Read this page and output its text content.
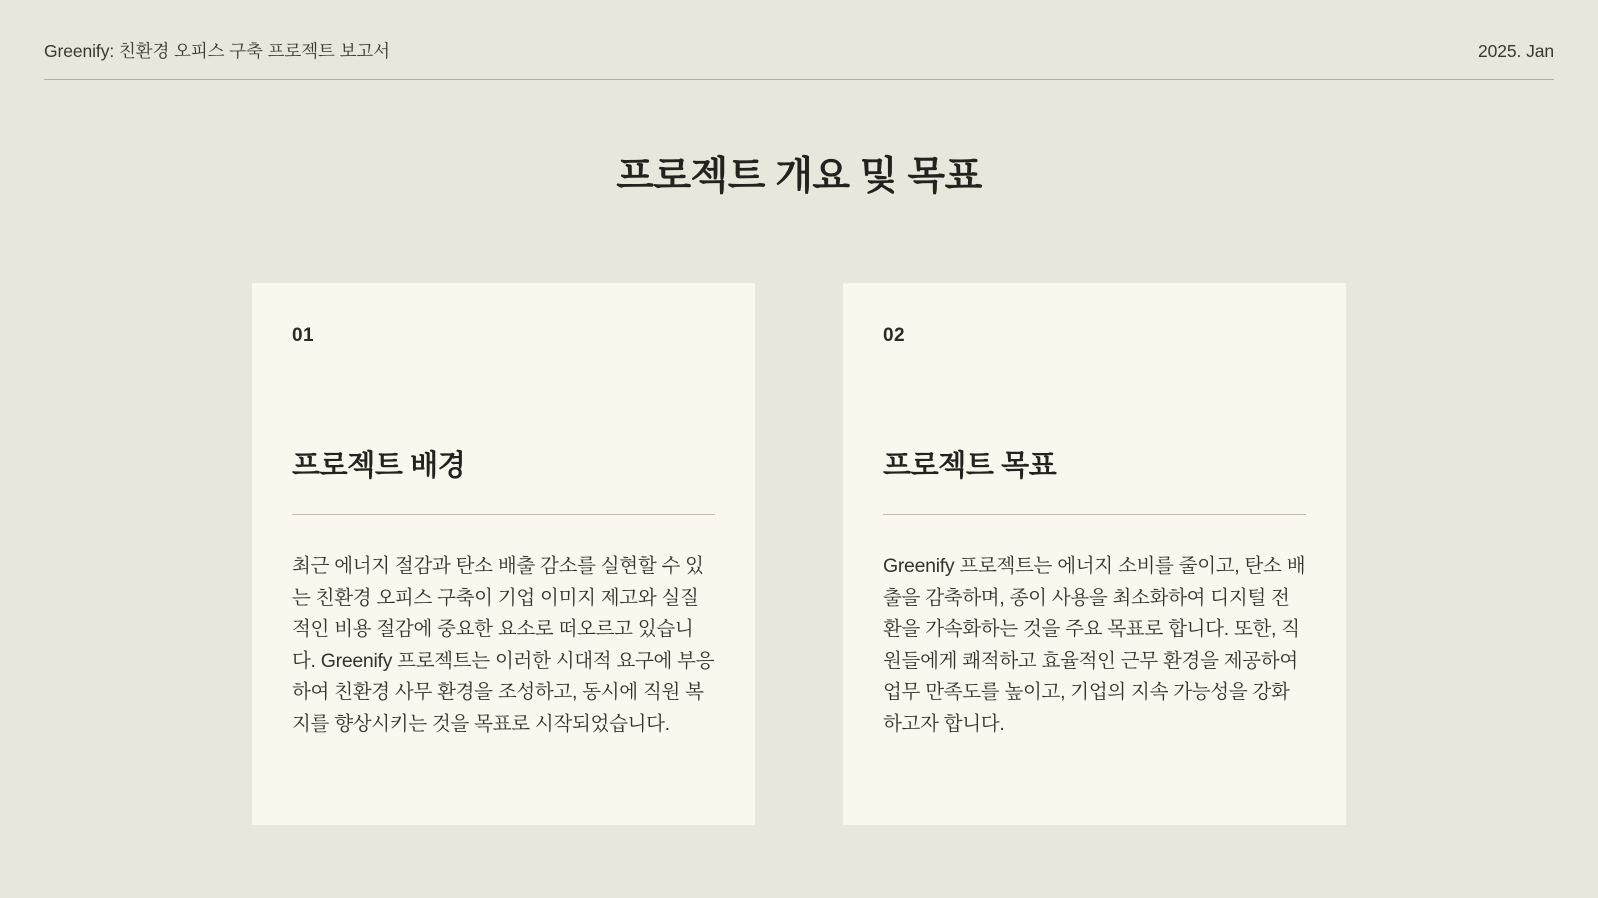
Greenify: 친환경 오피스 구축 프로젝트 보고서	2025. Jan
프로젝트 개요 및 목표
01
프로젝트 배경
최근 에너지 절감과 탄소 배출 감소를 실현할 수 있는 친환경 오피스 구축이 기업 이미지 제고와 실질적인 비용 절감에 중요한 요소로 떠오르고 있습니다. Greenify 프로젝트는 이러한 시대적 요구에 부응하여 친환경 사무 환경을 조성하고, 동시에 직원 복지를 향상시키는 것을 목표로 시작되었습니다.
02
프로젝트 목표
Greenify 프로젝트는 에너지 소비를 줄이고, 탄소 배출을 감축하며, 종이 사용을 최소화하여 디지털 전환을 가속화하는 것을 주요 목표로 합니다. 또한, 직원들에게 쾌적하고 효율적인 근무 환경을 제공하여 업무 만족도를 높이고, 기업의 지속 가능성을 강화하고자 합니다.
